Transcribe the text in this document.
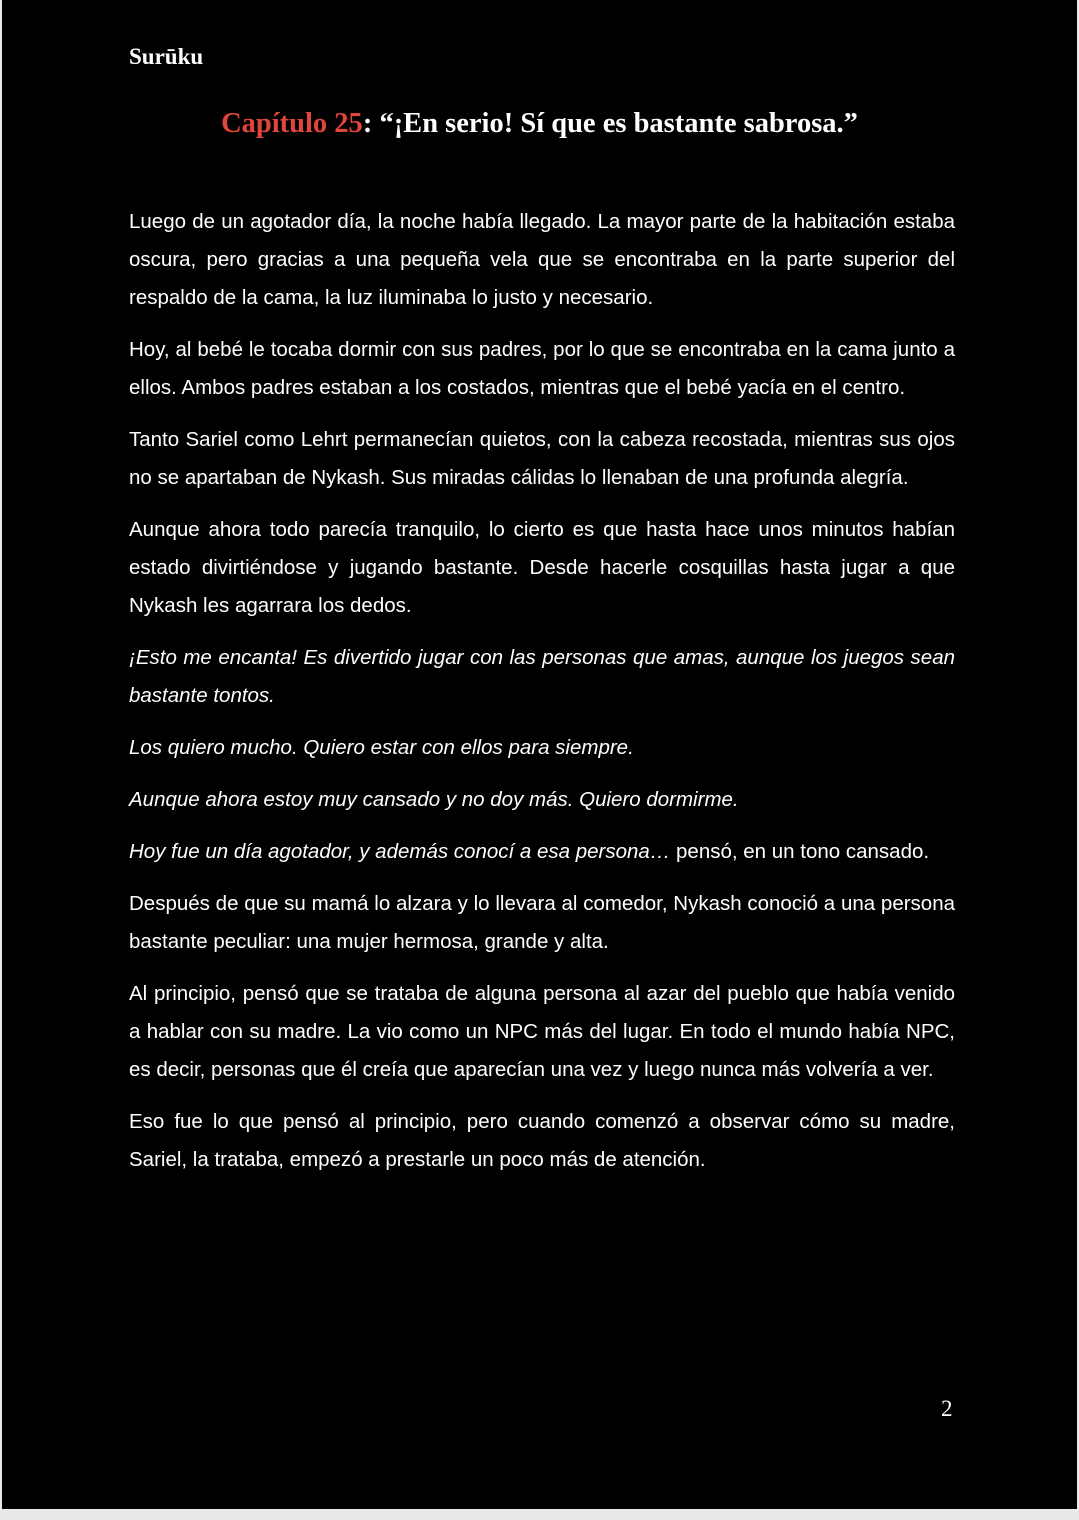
Surūku
Capítulo 25: “¡En serio! Sí que es bastante sabrosa.”

Luego de un agotador día, la noche había llegado. La mayor parte de la habitación estaba oscura, pero gracias a una pequeña vela que se encontraba en la parte superior del respaldo de la cama, la luz iluminaba lo justo y necesario.

Hoy, al bebé le tocaba dormir con sus padres, por lo que se encontraba en la cama junto a ellos. Ambos padres estaban a los costados, mientras que el bebé yacía en el centro.

Tanto Sariel como Lehrt permanecían quietos, con la cabeza recostada, mientras sus ojos no se apartaban de Nykash. Sus miradas cálidas lo llenaban de una profunda alegría.

Aunque ahora todo parecía tranquilo, lo cierto es que hasta hace unos minutos habían estado divirtiéndose y jugando bastante. Desde hacerle cosquillas hasta jugar a que Nykash les agarrara los dedos.

¡Esto me encanta! Es divertido jugar con las personas que amas, aunque los juegos sean bastante tontos.

Los quiero mucho. Quiero estar con ellos para siempre.

Aunque ahora estoy muy cansado y no doy más. Quiero dormirme.

Hoy fue un día agotador, y además conocí a esa persona… pensó, en un tono cansado.

Después de que su mamá lo alzara y lo llevara al comedor, Nykash conoció a una persona bastante peculiar: una mujer hermosa, grande y alta.

Al principio, pensó que se trataba de alguna persona al azar del pueblo que había venido a hablar con su madre. La vio como un NPC más del lugar. En todo el mundo había NPC, es decir, personas que él creía que aparecían una vez y luego nunca más volvería a ver.

Eso fue lo que pensó al principio, pero cuando comenzó a observar cómo su madre, Sariel, la trataba, empezó a prestarle un poco más de atención.

2
